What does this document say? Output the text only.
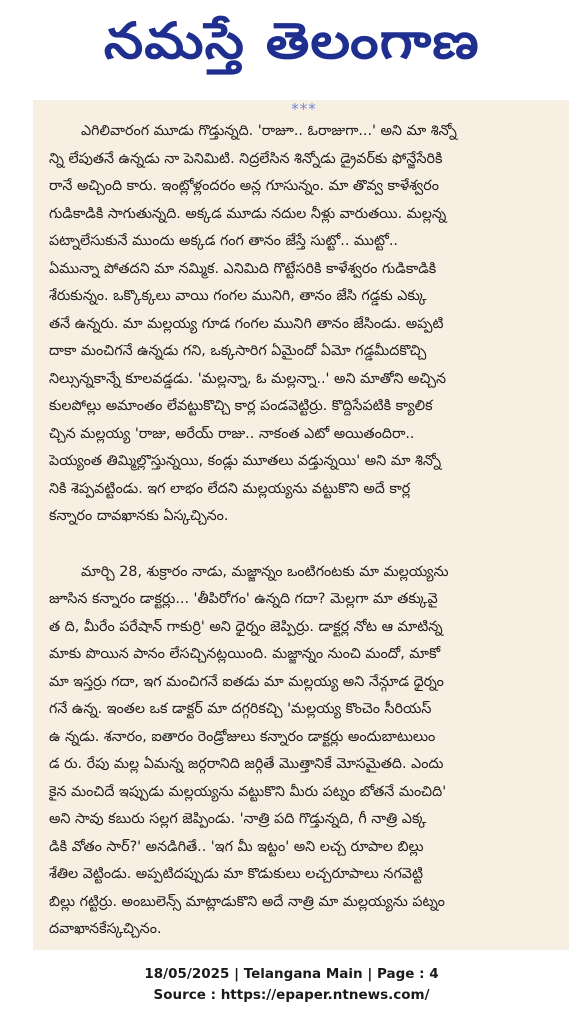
నమస్తే తెలంగాణ
***
ఎగిలివారంగ మూడు గొడ్తున్నది. 'రాజూ.. ఓరాజుగా...' అని మా శిన్నో
న్ని లేపుతనే ఉన్నడు నా పెనిమిటి. నిద్రలేసిన శిన్నోడు డ్రైవర్‌కు ఫోన్జేసేరికి
రానే అచ్చింది కారు. ఇంట్లోళ్లందరం అన్ల గూసున్నం. మా తొవ్వ కాళేశ్వరం
గుడికాడికి సాగుతున్నది. అక్కడ మూడు నదుల నీళ్లు వారుతయి. మల్లన్న
పట్నాలేసుకునే ముందు అక్కడ గంగ తానం జేస్తే సుట్టో.. ముట్టో..
ఏమున్నా పోతదని మా నమ్మిక. ఎనిమిది గొట్టేసరికి కాళేశ్వరం గుడికాడికి
శేరుకున్నం. ఒక్కొక్కలు వాయి గంగల మునిగి, తానం జేసి గడ్డకు ఎక్కు
తనే ఉన్నరు. మా మల్లయ్య గూడ గంగల మునిగి తానం జేసిండు. అప్పటి
దాకా మంచిగనే ఉన్నడు గని, ఒక్కసారిగ ఏమైందో ఏమో గడ్డమీదకొచ్చి
నిల్సున్నకాన్నే కూలవడ్డడు. 'మల్లన్నా, ఓ మల్లన్నా..' అని మాతోని అచ్చిన
కులపోల్లు అమాంతం లేవట్టుకొచ్చి కార్ల పండవెట్టిర్రు. కొద్దిసేపటికి క్యాలిక
చ్చిన మల్లయ్య 'రాజు, అరేయ్ రాజు.. నాకంత ఎటో అయితందిరా..
పెయ్యంత తిమ్మిల్లొస్తున్నయి, కండ్లు మూతలు వడ్తున్నయి' అని మా శిన్నో
నికి శెప్పవట్టిండు. ఇగ లాభం లేదని మల్లయ్యను వట్టుకొని అదే కార్ల
కన్నారం దావఖానకు ఏస్కచ్చినం.
మార్చి 28, శుక్రారం నాడు, మజ్జాన్నం ఒంటిగంటకు మా మల్లయ్యను
జూసిన కన్నారం డాక్టర్లు... 'తీపిరోగం' ఉన్నది గదా? మెల్లగా మా తక్కువై
త ది, మీరేం పరేషాన్ గాకుర్రి' అని ధైర్నం జెప్పిర్రు. డాక్టర్ల నోట ఆ మాటిన్న
మాకు పొయిన పానం లేసచ్చినట్లయింది. మజ్జాన్నం నుంచి మందో, మాకో
మా ఇస్తర్రు గదా, ఇగ మంచిగనే ఐతడు మా మల్లయ్య అని నేన్గూడ ధైర్నం
గనే ఉన్న. ఇంతల ఒక డాక్టర్ మా దగ్గరికచ్చి 'మల్లయ్య కొంచెం సీరియస్
ఉ న్నడు. శనారం, ఐతారం రెండ్రోజులు కన్నారం డాక్టర్లు అందుబాటులుం
డ రు. రేపు మల్ల ఏమన్న జర్గరానిది జర్గితే మొత్తానికే మోసమైతది. ఎందు
కైన మంచిదే ఇప్పుడు మల్లయ్యను వట్టుకొని మీరు పట్నం బోతనే మంచిది'
అని సావు కబురు సల్లగ జెప్పిండు. 'నాత్రి పది గొడ్తున్నది, గీ నాత్రి ఎక్క
డికి వోతం సార్?' అనడిగితే.. 'ఇగ మీ ఇట్టం' అని లచ్చ రూపాల బిల్లు
శేతిల వెట్టిండు. అప్పటిదప్పుడు మా కొడుకులు లచ్చరూపాలు నగవెట్టి
బిల్లు గట్టిర్రు. అంబులెన్స్ మాట్లాడుకొని అదే నాత్రి మా మల్లయ్యను పట్నం
దవాఖానకేస్కచ్చినం.
18/05/2025 | Telangana Main | Page : 4
Source : https://epaper.ntnews.com/
